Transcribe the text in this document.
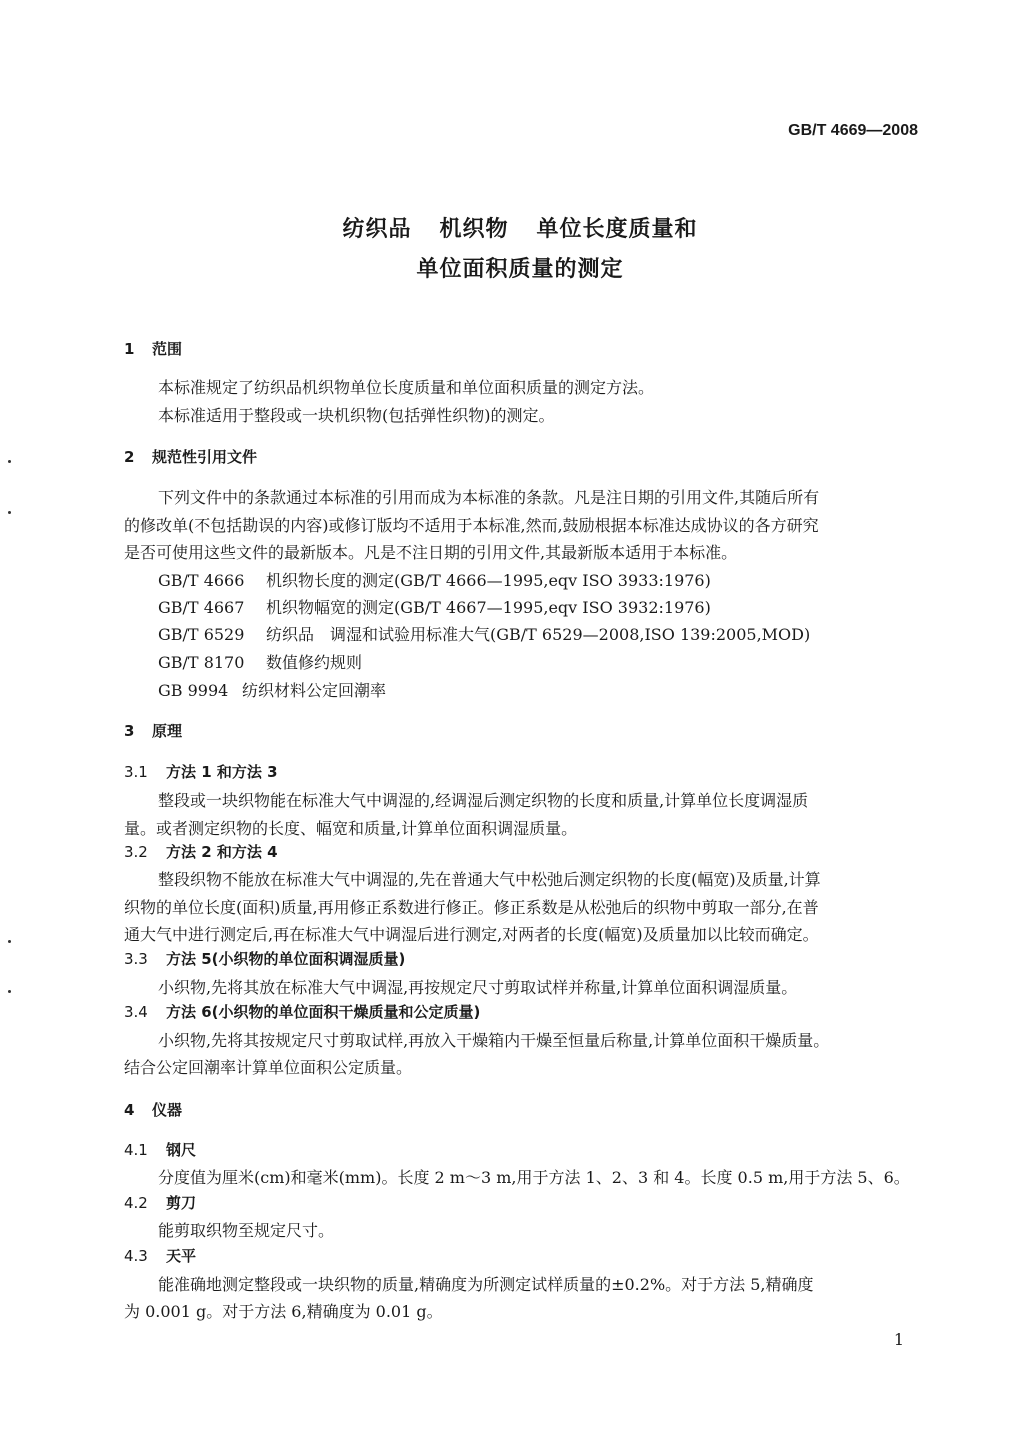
GB/T 4669—2008
纺织品 机织物 单位长度质量和
单位面积质量的测定
1 范围
本标准规定了纺织品机织物单位长度质量和单位面积质量的测定方法。
本标准适用于整段或一块机织物(包括弹性织物)的测定。
2 规范性引用文件
下列文件中的条款通过本标准的引用而成为本标准的条款。凡是注日期的引用文件,其随后所有
的修改单(不包括勘误的内容)或修订版均不适用于本标准,然而,鼓励根据本标准达成协议的各方研究
是否可使用这些文件的最新版本。凡是不注日期的引用文件,其最新版本适用于本标准。
GB/T 4666 机织物长度的测定(GB/T 4666—1995,eqv ISO 3933:1976)
GB/T 4667 机织物幅宽的测定(GB/T 4667—1995,eqv ISO 3932:1976)
GB/T 6529 纺织品　调湿和试验用标准大气(GB/T 6529—2008,ISO 139:2005,MOD)
GB/T 8170 数值修约规则
GB 9994 纺织材料公定回潮率
3 原理
3.1 方法 1 和方法 3
整段或一块织物能在标准大气中调湿的,经调湿后测定织物的长度和质量,计算单位长度调湿质
量。或者测定织物的长度、幅宽和质量,计算单位面积调湿质量。
3.2 方法 2 和方法 4
整段织物不能放在标准大气中调湿的,先在普通大气中松弛后测定织物的长度(幅宽)及质量,计算
织物的单位长度(面积)质量,再用修正系数进行修正。修正系数是从松弛后的织物中剪取一部分,在普
通大气中进行测定后,再在标准大气中调湿后进行测定,对两者的长度(幅宽)及质量加以比较而确定。
3.3 方法 5(小织物的单位面积调湿质量)
小织物,先将其放在标准大气中调湿,再按规定尺寸剪取试样并称量,计算单位面积调湿质量。
3.4 方法 6(小织物的单位面积干燥质量和公定质量)
小织物,先将其按规定尺寸剪取试样,再放入干燥箱内干燥至恒量后称量,计算单位面积干燥质量。
结合公定回潮率计算单位面积公定质量。
4 仪器
4.1 钢尺
分度值为厘米(cm)和毫米(mm)。长度 2 m～3 m,用于方法 1、2、3 和 4。长度 0.5 m,用于方法 5、6。
4.2 剪刀
能剪取织物至规定尺寸。
4.3 天平
能准确地测定整段或一块织物的质量,精确度为所测定试样质量的±0.2%。对于方法 5,精确度
为 0.001 g。对于方法 6,精确度为 0.01 g。
1
